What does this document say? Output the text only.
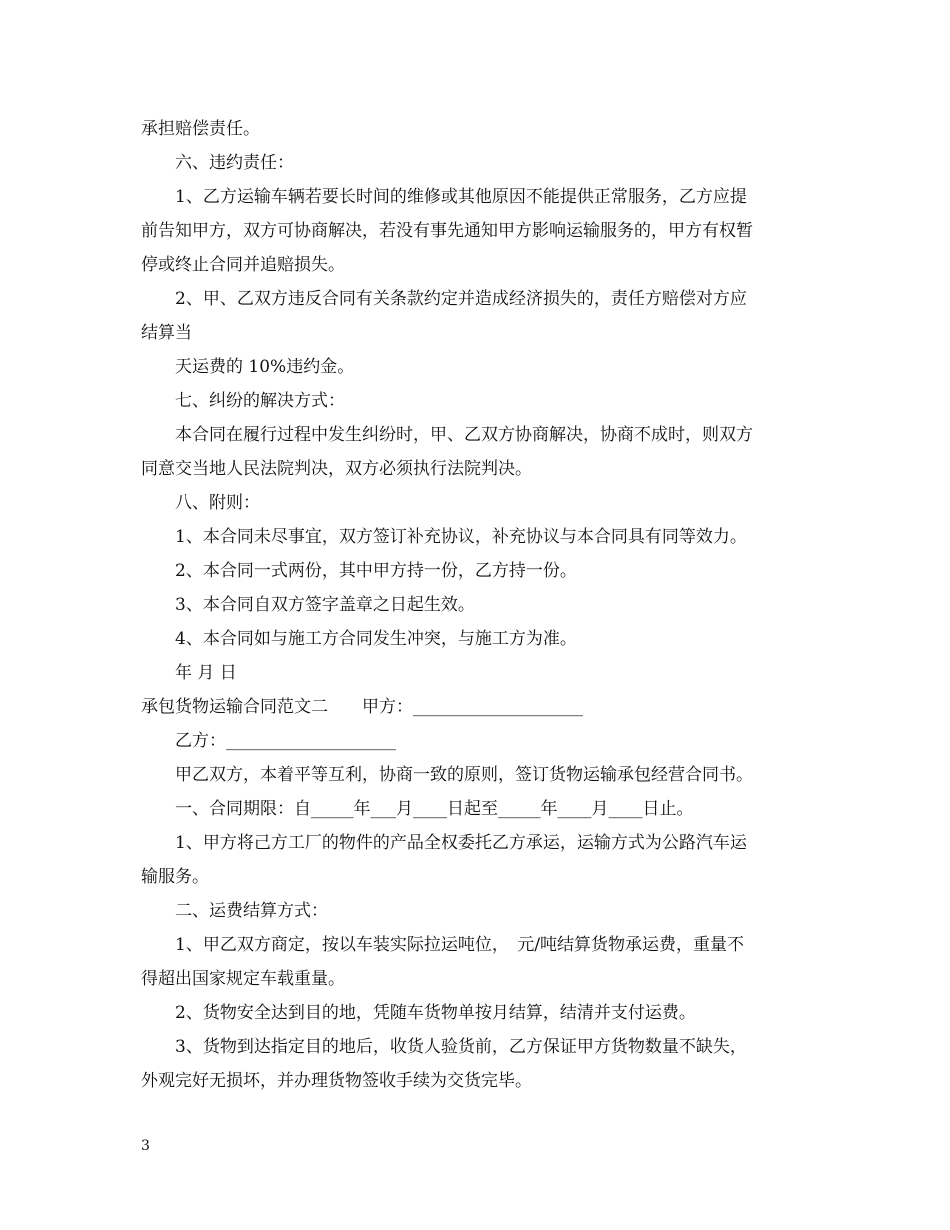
承担赔偿责任。
六、违约责任：
1、乙方运输车辆若要长时间的维修或其他原因不能提供正常服务，乙方应提
前告知甲方，双方可协商解决，若没有事先通知甲方影响运输服务的，甲方有权暂
停或终止合同并追赔损失。
2、甲、乙双方违反合同有关条款约定并造成经济损失的，责任方赔偿对方应
结算当
天运费的 10%违约金。
七、纠纷的解决方式：
本合同在履行过程中发生纠纷时，甲、乙双方协商解决，协商不成时，则双方
同意交当地人民法院判决，双方必须执行法院判决。
八、附则：
1、本合同未尽事宜，双方签订补充协议，补充协议与本合同具有同等效力。
2、本合同一式两份，其中甲方持一份，乙方持一份。
3、本合同自双方签字盖章之日起生效。
4、本合同如与施工方合同发生冲突，与施工方为准。
年 月 日
承包货物运输合同范文二　　甲方：____________________
乙方：____________________
甲乙双方，本着平等互利，协商一致的原则，签订货物运输承包经营合同书。
一、合同期限：自_____年___月____日起至_____年____月____日止。
1、甲方将己方工厂的物件的产品全权委托乙方承运，运输方式为公路汽车运
输服务。
二、运费结算方式：
1、甲乙双方商定，按以车装实际拉运吨位，　元/吨结算货物承运费，重量不
得超出国家规定车载重量。
2、货物安全达到目的地，凭随车货物单按月结算，结清并支付运费。
3、货物到达指定目的地后，收货人验货前，乙方保证甲方货物数量不缺失，
外观完好无损坏，并办理货物签收手续为交货完毕。
3
